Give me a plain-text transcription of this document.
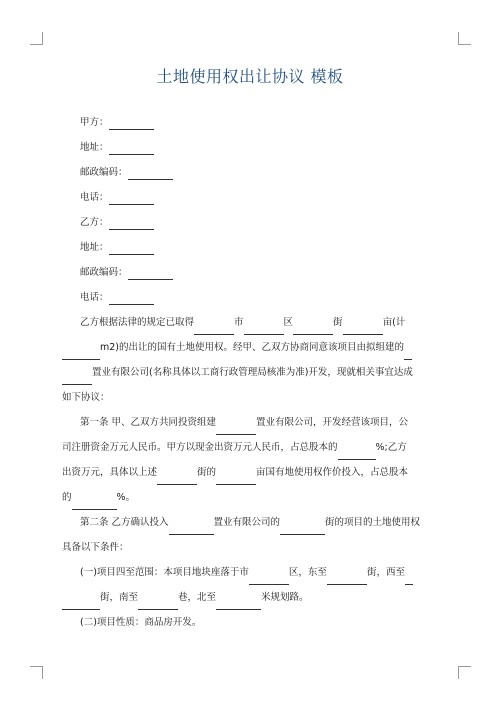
土地使用权出让协议 模板
甲方：
地址：
邮政编码：
电话：
乙方：
地址：
邮政编码：
电话：
乙方根据法律的规定已取得	市	区	街	亩(计
m2)的出让的国有土地使用权。经甲、乙双方协商同意该项目由拟组建的
置业有限公司(名称具体以工商行政管理局核准为准)开发，现就相关事宜达成
如下协议：
第一条 甲、乙双方共同投资组建	置业有限公司，开发经营该项目，公
司注册资金万元人民币。甲方以现金出资万元人民币，占总股本的	%;乙方
出资万元，具体以上述	街的	亩国有地使用权作价投入，占总股本
的	%。
第二条 乙方确认投入	置业有限公司的	街的项目的土地使用权
具备以下条件：
(一)项目四至范围：本项目地块座落于市	区，东至	街，西至
街，南至	巷，北至	米规划路。
(二)项目性质：商品房开发。
